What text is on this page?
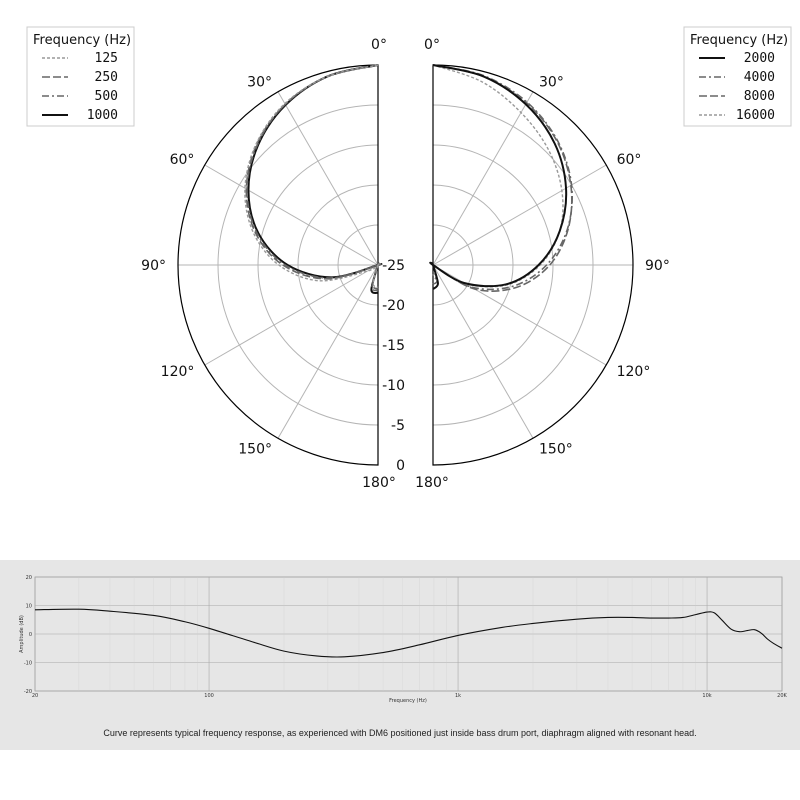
Frequency (Hz)
125
250
500
1000
Frequency (Hz)
2000
4000
8000
16000
0°
30°
60°
90°
120°
150°
180°
0°
30°
60°
90°
120°
150°
180°
-25
-20
-15
-10
-5
0
20
10
0
-10
-20
20	100	1k	10k	20K
Frequency (Hz)
Amplitude (dB)
Curve represents typical frequency response, as experienced with DM6 positioned just inside bass drum port, diaphragm aligned with resonant head.
